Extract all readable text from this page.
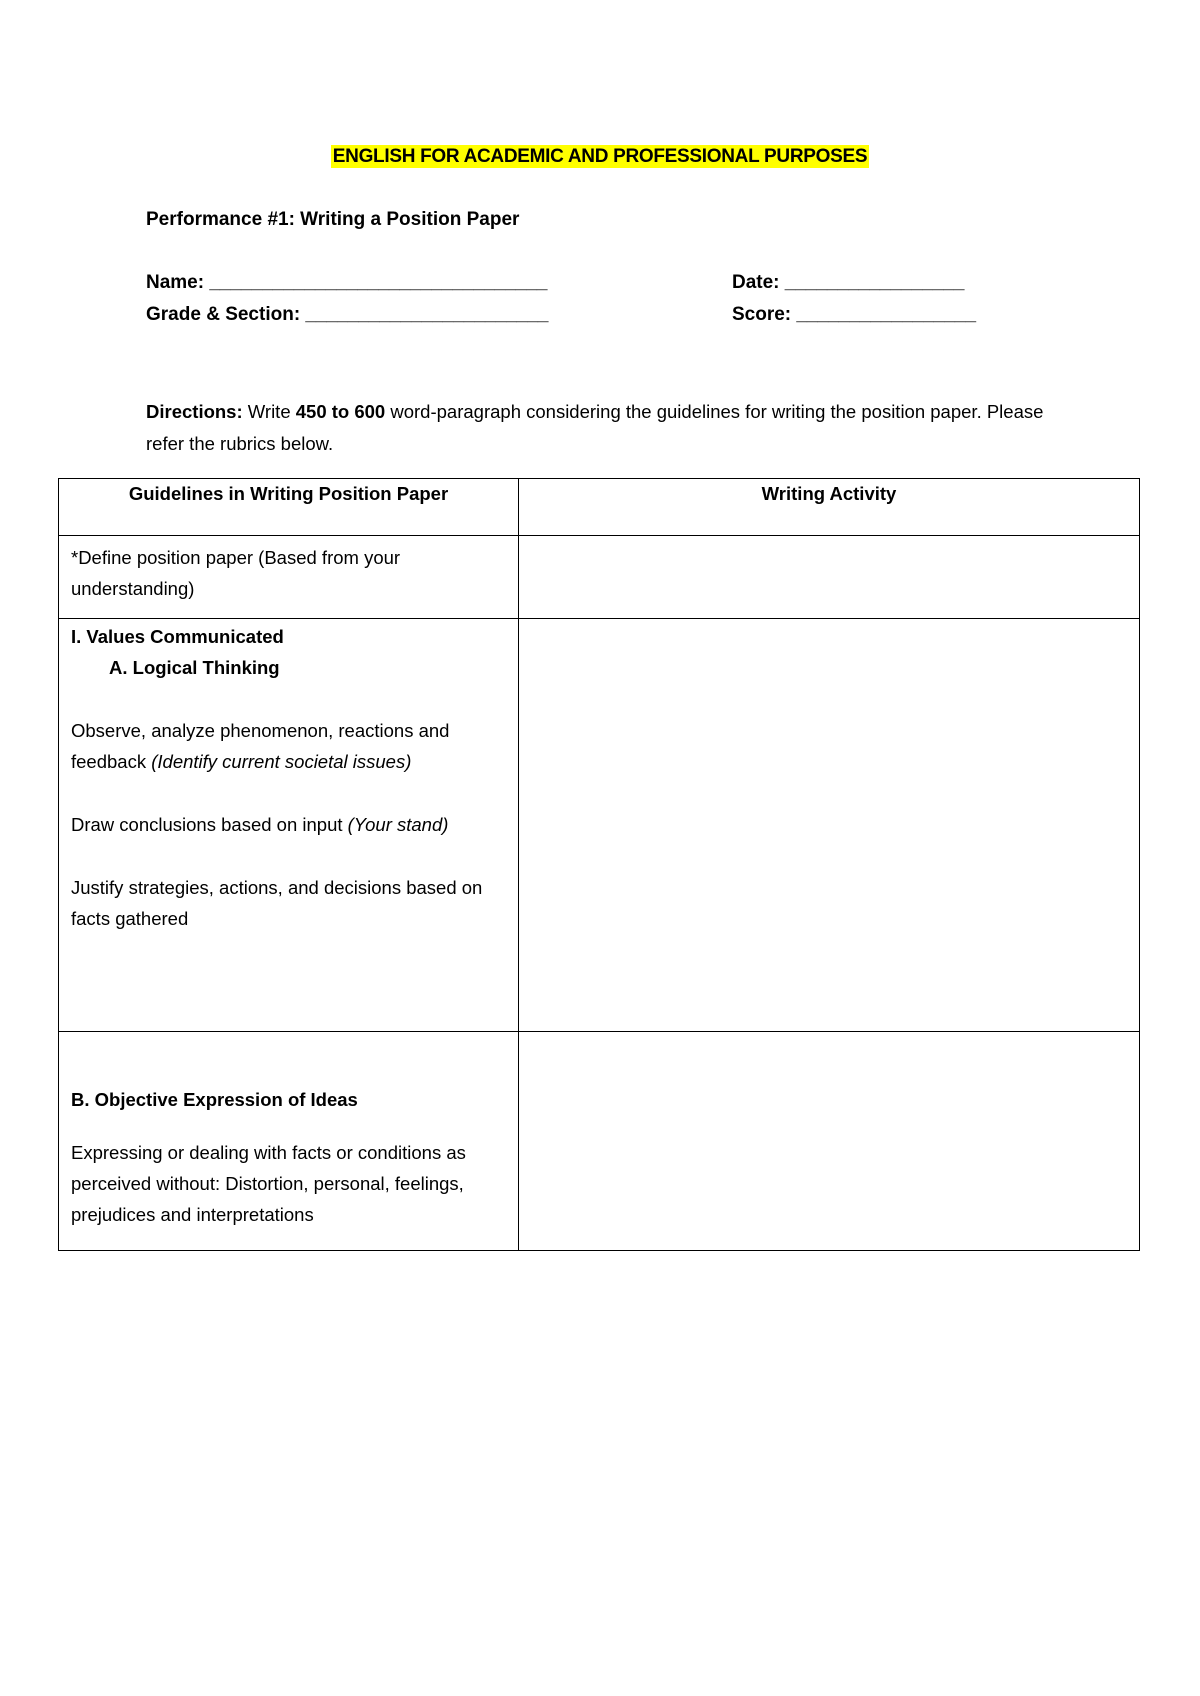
ENGLISH FOR ACADEMIC AND PROFESSIONAL PURPOSES
Performance #1: Writing a Position Paper
Name: ________________________________	Date: _________________
Grade & Section: _______________________	Score: _________________
Directions: Write 450 to 600 word-paragraph considering the guidelines for writing the position paper. Please refer the rubrics below.
Guidelines in Writing Position Paper	Writing Activity

*Define position paper (Based from your understanding)	

I. Values Communicated

A. Logical Thinking

Observe, analyze phenomenon, reactions and feedback (Identify current societal issues)

Draw conclusions based on input (Your stand)

Justify strategies, actions, and decisions based on facts gathered	

B. Objective Expression of Ideas

Expressing or dealing with facts or conditions as perceived without: Distortion, personal, feelings, prejudices and interpretations	
